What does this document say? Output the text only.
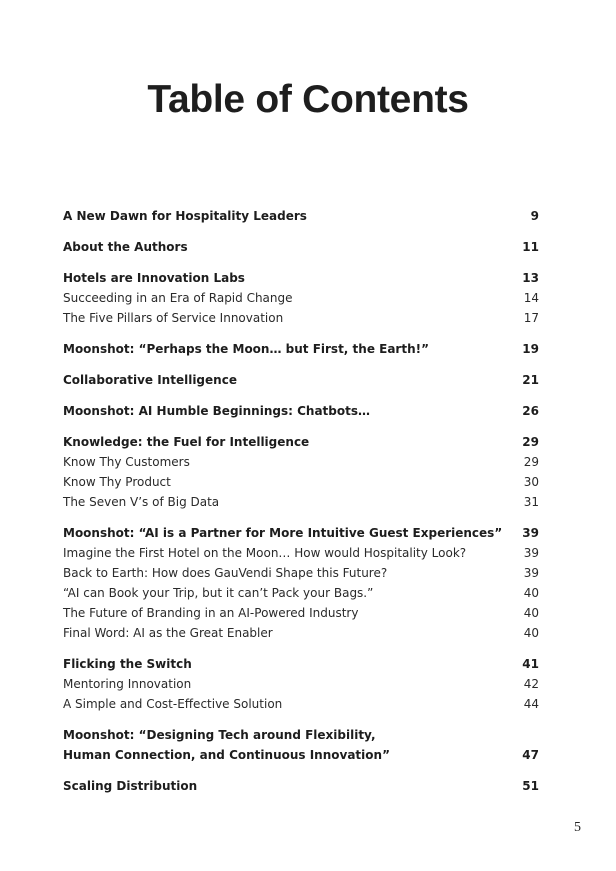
Table of Contents
A New Dawn for Hospitality Leaders	9
About the Authors	11
Hotels are Innovation Labs	13
Succeeding in an Era of Rapid Change	14
The Five Pillars of Service Innovation	17
Moonshot: “Perhaps the Moon… but First, the Earth!”	19
Collaborative Intelligence	21
Moonshot: AI Humble Beginnings: Chatbots…	26
Knowledge: the Fuel for Intelligence	29
Know Thy Customers	29
Know Thy Product	30
The Seven V’s of Big Data	31
Moonshot: “AI is a Partner for More Intuitive Guest Experiences” 39
Imagine the First Hotel on the Moon… How would Hospitality Look?	39
Back to Earth: How does GauVendi Shape this Future?	39
“AI can Book your Trip, but it can’t Pack your Bags.”	40
The Future of Branding in an AI-Powered Industry	40
Final Word: AI as the Great Enabler	40
Flicking the Switch	41
Mentoring Innovation	42
A Simple and Cost-Effective Solution	44
Moonshot: “Designing Tech around Flexibility,
Human Connection, and Continuous Innovation”	47
Scaling Distribution	51
5
